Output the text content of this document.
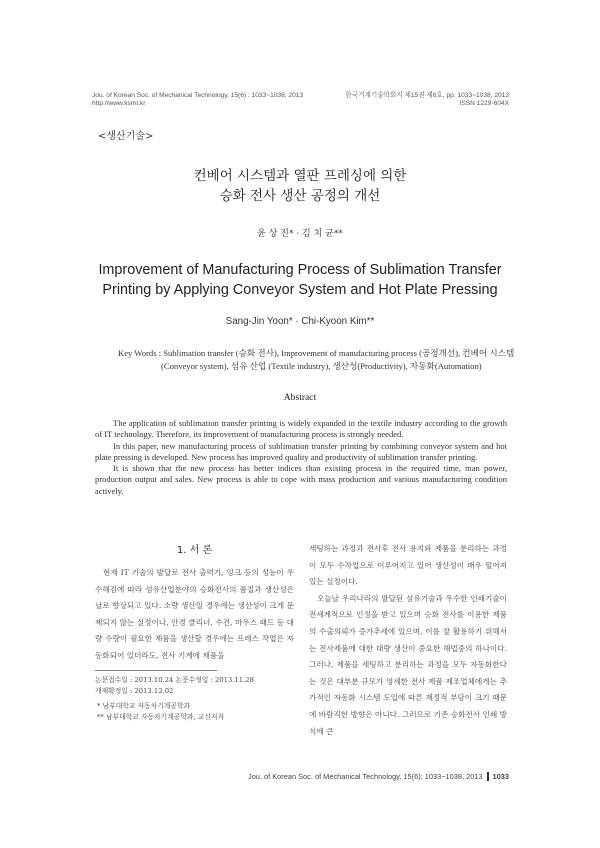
Jou. of Korean Soc. of Mechanical Technology, 15(6) : 1033~1038, 2013
http://www.ksmt.kr
한국기계기술학회지 제15권 제6호, pp. 1033~1038, 2013
ISSN 1229-604X
<생산기술>
컨베어 시스템과 열판 프레싱에 의한
승화 전사 생산 공정의 개선
윤 상 진* · 김 치 균**
Improvement of Manufacturing Process of Sublimation Transfer
Printing by Applying Conveyor System and Hot Plate Pressing
Sang-Jin Yoon* · Chi-Kyoon Kim**
Key Words : Sublimation transfer (승화 전사), Improvement of manufacturing process (공정개선), 컨베어 시스템
(Conveyor system), 섬유 산업 (Textile industry), 생산성(Productivity), 자동화(Automation)
Abstract

The application of sublimation transfer printing is widely expanded in the textile industry according to the growth of IT technology. Therefore, its improvement of manufacturing process is strongly needed.

In this paper, new manufacturing process of sublimation transfer printing by combining conveyor system and hot plate pressing is developed. New process has improved quality and productivity of sublimation transfer printing.

It is shown that the new process has better indices than existing process in the required time, man power, production output and sales. New process is able to cope with mass production and various manufacturing condition actively.

1. 서 론

현재 IT 기술의 발달로 전사 출력기, 잉크 등의 성능이 우수해짐에 따라 섬유산업분야의 승화전사의 품질과 생산성은 날로 향상되고 있다. 소량 생산일 경우에는 생산성이 크게 문제되지 않는 실정이나, 안경 클리너, 수건, 마우스 패드 등 대량 수량이 필요한 제품을 생산할 경우에는 프레스 작업은 자동화되어 있더라도, 전사 기계에 제품을

논문접수일 : 2013.10.24 논문수정일 : 2013.11.28
게재확정일 : 2013.12.02
* 남부대학교 자동차기계공학과
** 남부대학교 자동차기계공학과, 교신저자

세팅하는 과정과 전사후 전사 용지와 제품을 분리하는 과정이 모두 수작업으로 이루어지고 있어 생산성이 매우 떨어져 있는 실정이다.

오늘날 우리나라의 발달된 섬유기술과 우수한 인쇄기술이 전세계적으로 인정을 받고 있으며 승화 전사를 이용한 제품의 수출의뢰가 증가추세에 있으며, 이를 잘 활용하기 위해서는 전사제품에 대한 대량 생산이 중요한 해법중의 하나이다. 그러나, 제품을 세팅하고 분리하는 과정을 모두 자동화한다는 것은 대부분 규모가 영세한 전사 제품 제조업체에게는 추가적인 자동화 시스템 도입에 따른 재정적 부담이 크기 때문에 바람직한 방향은 아니다. 그러므로 기존 승화전사 인쇄 방식에 큰

Jou. of Korean Soc. of Mechanical Technology, 15(6): 1033~1038, 2013 1033
